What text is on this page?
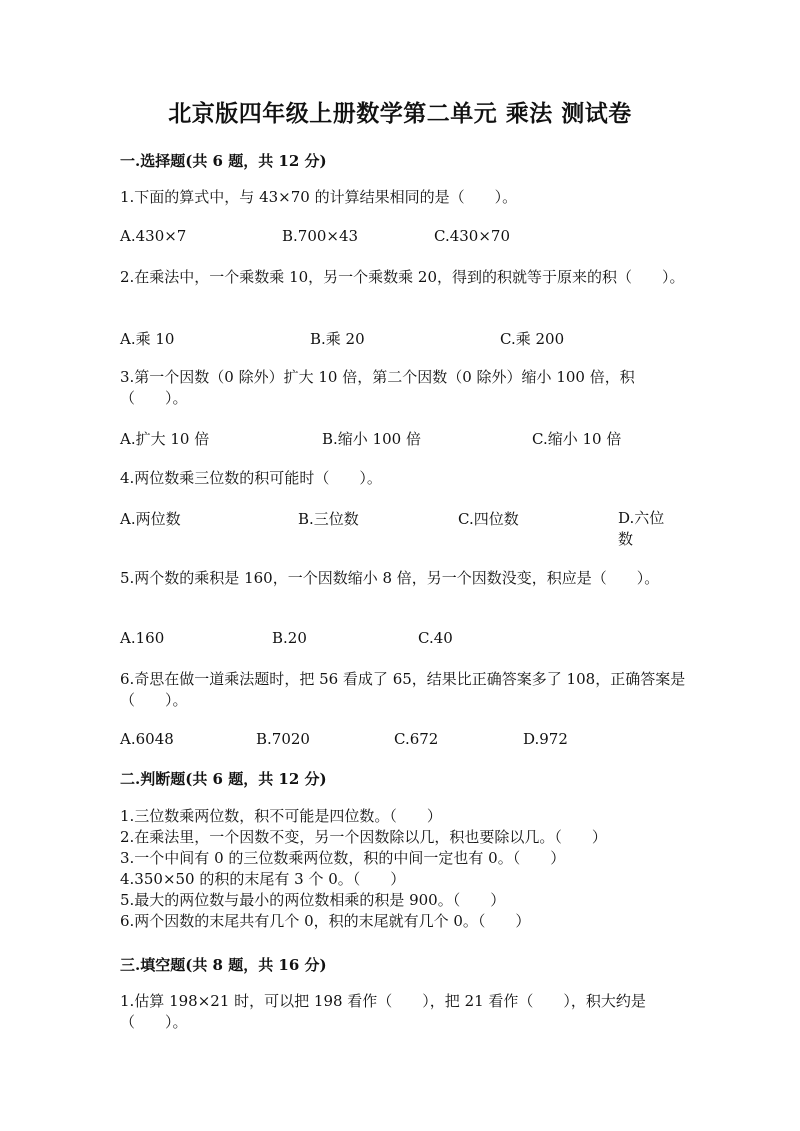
北京版四年级上册数学第二单元 乘法 测试卷
一.选择题(共 6 题，共 12 分)
1.下面的算式中，与 43×70 的计算结果相同的是（　　）。
A.430×7	B.700×43	C.430×70
2.在乘法中，一个乘数乘 10，另一个乘数乘 20，得到的积就等于原来的积（　　）。
A.乘 10	B.乘 20	C.乘 200
3.第一个因数（0 除外）扩大 10 倍，第二个因数（0 除外）缩小 100 倍，积（　　）。
A.扩大 10 倍	B.缩小 100 倍	C.缩小 10 倍
4.两位数乘三位数的积可能时（　　）。
A.两位数	B.三位数	C.四位数	D.六位数
5.两个数的乘积是 160，一个因数缩小 8 倍，另一个因数没变，积应是（　　）。
A.160	B.20	C.40
6.奇思在做一道乘法题时，把 56 看成了 65，结果比正确答案多了 108，正确答案是（　　）。
A.6048	B.7020	C.672	D.972
二.判断题(共 6 题，共 12 分)
1.三位数乘两位数，积不可能是四位数。（　　）
2.在乘法里，一个因数不变，另一个因数除以几，积也要除以几。（　　）
3.一个中间有 0 的三位数乘两位数，积的中间一定也有 0。（　　）
4.350×50 的积的末尾有 3 个 0。（　　）
5.最大的两位数与最小的两位数相乘的积是 900。（　　）
6.两个因数的末尾共有几个 0，积的末尾就有几个 0。（　　）
三.填空题(共 8 题，共 16 分)
1.估算 198×21 时，可以把 198 看作（　　），把 21 看作（　　），积大约是（　　）。
